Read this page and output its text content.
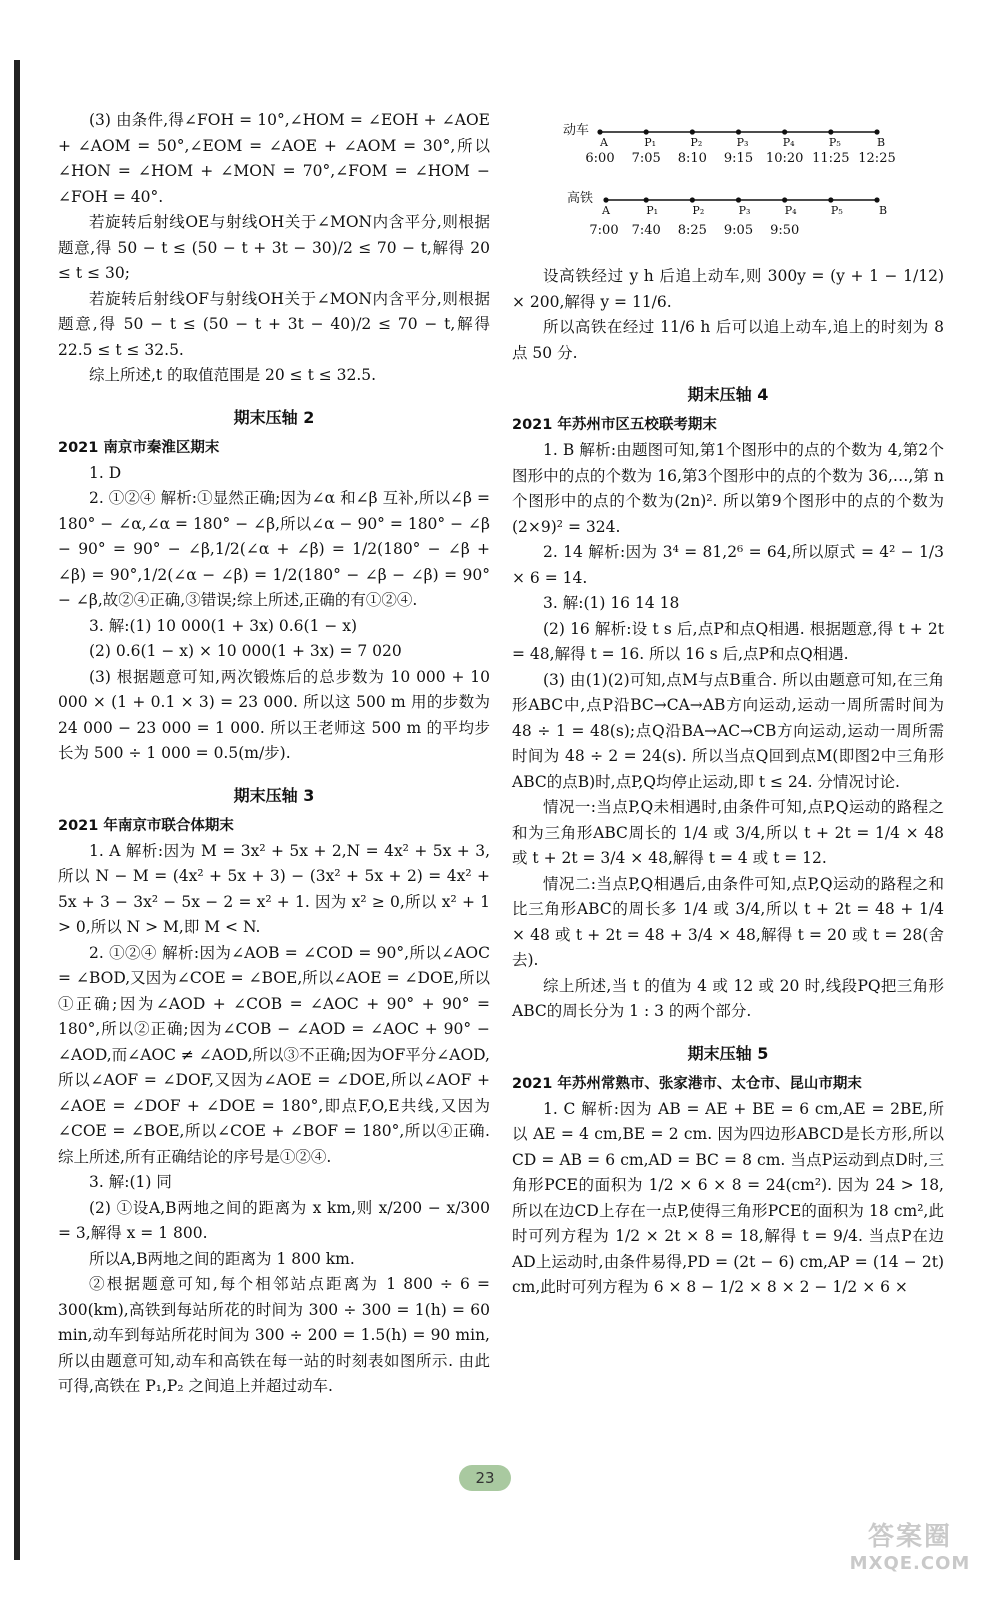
(3) 由条件,得∠FOH = 10°,∠HOM = ∠EOH + ∠AOE + ∠AOM = 50°,∠EOM = ∠AOE + ∠AOM = 30°,所以∠HON = ∠HOM + ∠MON = 70°,∠FOM = ∠HOM − ∠FOH = 40°.

若旋转后射线OE与射线OH关于∠MON内含平分,则根据题意,得 50 − t ≤ (50 − t + 3t − 30)/2 ≤ 70 − t,解得 20 ≤ t ≤ 30;

若旋转后射线OF与射线OH关于∠MON内含平分,则根据题意,得 50 − t ≤ (50 − t + 3t − 40)/2 ≤ 70 − t,解得 22.5 ≤ t ≤ 32.5.

综上所述,t 的取值范围是 20 ≤ t ≤ 32.5.

期末压轴 2
2021 南京市秦淮区期末

1. D

2. ①②④ 解析:①显然正确;因为∠α 和∠β 互补,所以∠β = 180° − ∠α,∠α = 180° − ∠β,所以∠α − 90° = 180° − ∠β − 90° = 90° − ∠β,1/2(∠α + ∠β) = 1/2(180° − ∠β + ∠β) = 90°,1/2(∠α − ∠β) = 1/2(180° − ∠β − ∠β) = 90° − ∠β,故②④正确,③错误;综上所述,正确的有①②④.

3. 解:(1) 10 000(1 + 3x) 0.6(1 − x)

(2) 0.6(1 − x) × 10 000(1 + 3x) = 7 020

(3) 根据题意可知,两次锻炼后的总步数为 10 000 + 10 000 × (1 + 0.1 × 3) = 23 000. 所以这 500 m 用的步数为 24 000 − 23 000 = 1 000. 所以王老师这 500 m 的平均步长为 500 ÷ 1 000 = 0.5(m/步).

期末压轴 3
2021 年南京市联合体期末

1. A 解析:因为 M = 3x² + 5x + 2,N = 4x² + 5x + 3,所以 N − M = (4x² + 5x + 3) − (3x² + 5x + 2) = 4x² + 5x + 3 − 3x² − 5x − 2 = x² + 1. 因为 x² ≥ 0,所以 x² + 1 > 0,所以 N > M,即 M < N.

2. ①②④ 解析:因为∠AOB = ∠COD = 90°,所以∠AOC = ∠BOD,又因为∠COE = ∠BOE,所以∠AOE = ∠DOE,所以①正确;因为∠AOD + ∠COB = ∠AOC + 90° + 90° = 180°,所以②正确;因为∠COB − ∠AOD = ∠AOC + 90° − ∠AOD,而∠AOC ≠ ∠AOD,所以③不正确;因为OF平分∠AOD,所以∠AOF = ∠DOF,又因为∠AOE = ∠DOE,所以∠AOF + ∠AOE = ∠DOF + ∠DOE = 180°,即点F,O,E共线,又因为∠COE = ∠BOE,所以∠COE + ∠BOF = 180°,所以④正确. 综上所述,所有正确结论的序号是①②④.

3. 解:(1) 同

(2) ①设A,B两地之间的距离为 x km,则 x/200 − x/300 = 3,解得 x = 1 800.

所以A,B两地之间的距离为 1 800 km.

②根据题意可知,每个相邻站点距离为 1 800 ÷ 6 = 300(km),高铁到每站所花的时间为 300 ÷ 300 = 1(h) = 60 min,动车到每站所花时间为 300 ÷ 200 = 1.5(h) = 90 min,所以由题意可知,动车和高铁在每一站的时刻表如图所示. 由此可得,高铁在 P₁,P₂ 之间追上并超过动车.

动车
A	P₁	P₂	P₃	P₄	P₅	B
6:00 7:05 8:10 9:15 10:20 11:25 12:25
高铁
A	P₁	P₂	P₃	P₄	P₅	B
7:00 7:40 8:25 9:05 9:50

设高铁经过 y h 后追上动车,则 300y = (y + 1 − 1/12) × 200,解得 y = 11/6.

所以高铁在经过 11/6 h 后可以追上动车,追上的时刻为 8 点 50 分.

期末压轴 4
2021 年苏州市区五校联考期末

1. B 解析:由题图可知,第1个图形中的点的个数为 4,第2个图形中的点的个数为 16,第3个图形中的点的个数为 36,…,第 n 个图形中的点的个数为(2n)². 所以第9个图形中的点的个数为(2×9)² = 324.

2. 14 解析:因为 3⁴ = 81,2⁶ = 64,所以原式 = 4² − 1/3 × 6 = 14.

3. 解:(1) 16 14 18

(2) 16 解析:设 t s 后,点P和点Q相遇. 根据题意,得 t + 2t = 48,解得 t = 16. 所以 16 s 后,点P和点Q相遇.

(3) 由(1)(2)可知,点M与点B重合. 所以由题意可知,在三角形ABC中,点P沿BC→CA→AB方向运动,运动一周所需时间为 48 ÷ 1 = 48(s);点Q沿BA→AC→CB方向运动,运动一周所需时间为 48 ÷ 2 = 24(s). 所以当点Q回到点M(即图2中三角形ABC的点B)时,点P,Q均停止运动,即 t ≤ 24. 分情况讨论.

情况一:当点P,Q未相遇时,由条件可知,点P,Q运动的路程之和为三角形ABC周长的 1/4 或 3/4,所以 t + 2t = 1/4 × 48 或 t + 2t = 3/4 × 48,解得 t = 4 或 t = 12.

情况二:当点P,Q相遇后,由条件可知,点P,Q运动的路程之和比三角形ABC的周长多 1/4 或 3/4,所以 t + 2t = 48 + 1/4 × 48 或 t + 2t = 48 + 3/4 × 48,解得 t = 20 或 t = 28(舍去).

综上所述,当 t 的值为 4 或 12 或 20 时,线段PQ把三角形ABC的周长分为 1 : 3 的两个部分.

期末压轴 5
2021 年苏州常熟市、张家港市、太仓市、昆山市期末

1. C 解析:因为 AB = AE + BE = 6 cm,AE = 2BE,所以 AE = 4 cm,BE = 2 cm. 因为四边形ABCD是长方形,所以 CD = AB = 6 cm,AD = BC = 8 cm. 当点P运动到点D时,三角形PCE的面积为 1/2 × 6 × 8 = 24(cm²). 因为 24 > 18,所以在边CD上存在一点P,使得三角形PCE的面积为 18 cm²,此时可列方程为 1/2 × 2t × 8 = 18,解得 t = 9/4. 当点P在边AD上运动时,由条件易得,PD = (2t − 6) cm,AP = (14 − 2t) cm,此时可列方程为 6 × 8 − 1/2 × 8 × 2 − 1/2 × 6 ×

23
答案圈
MXQE.COM
